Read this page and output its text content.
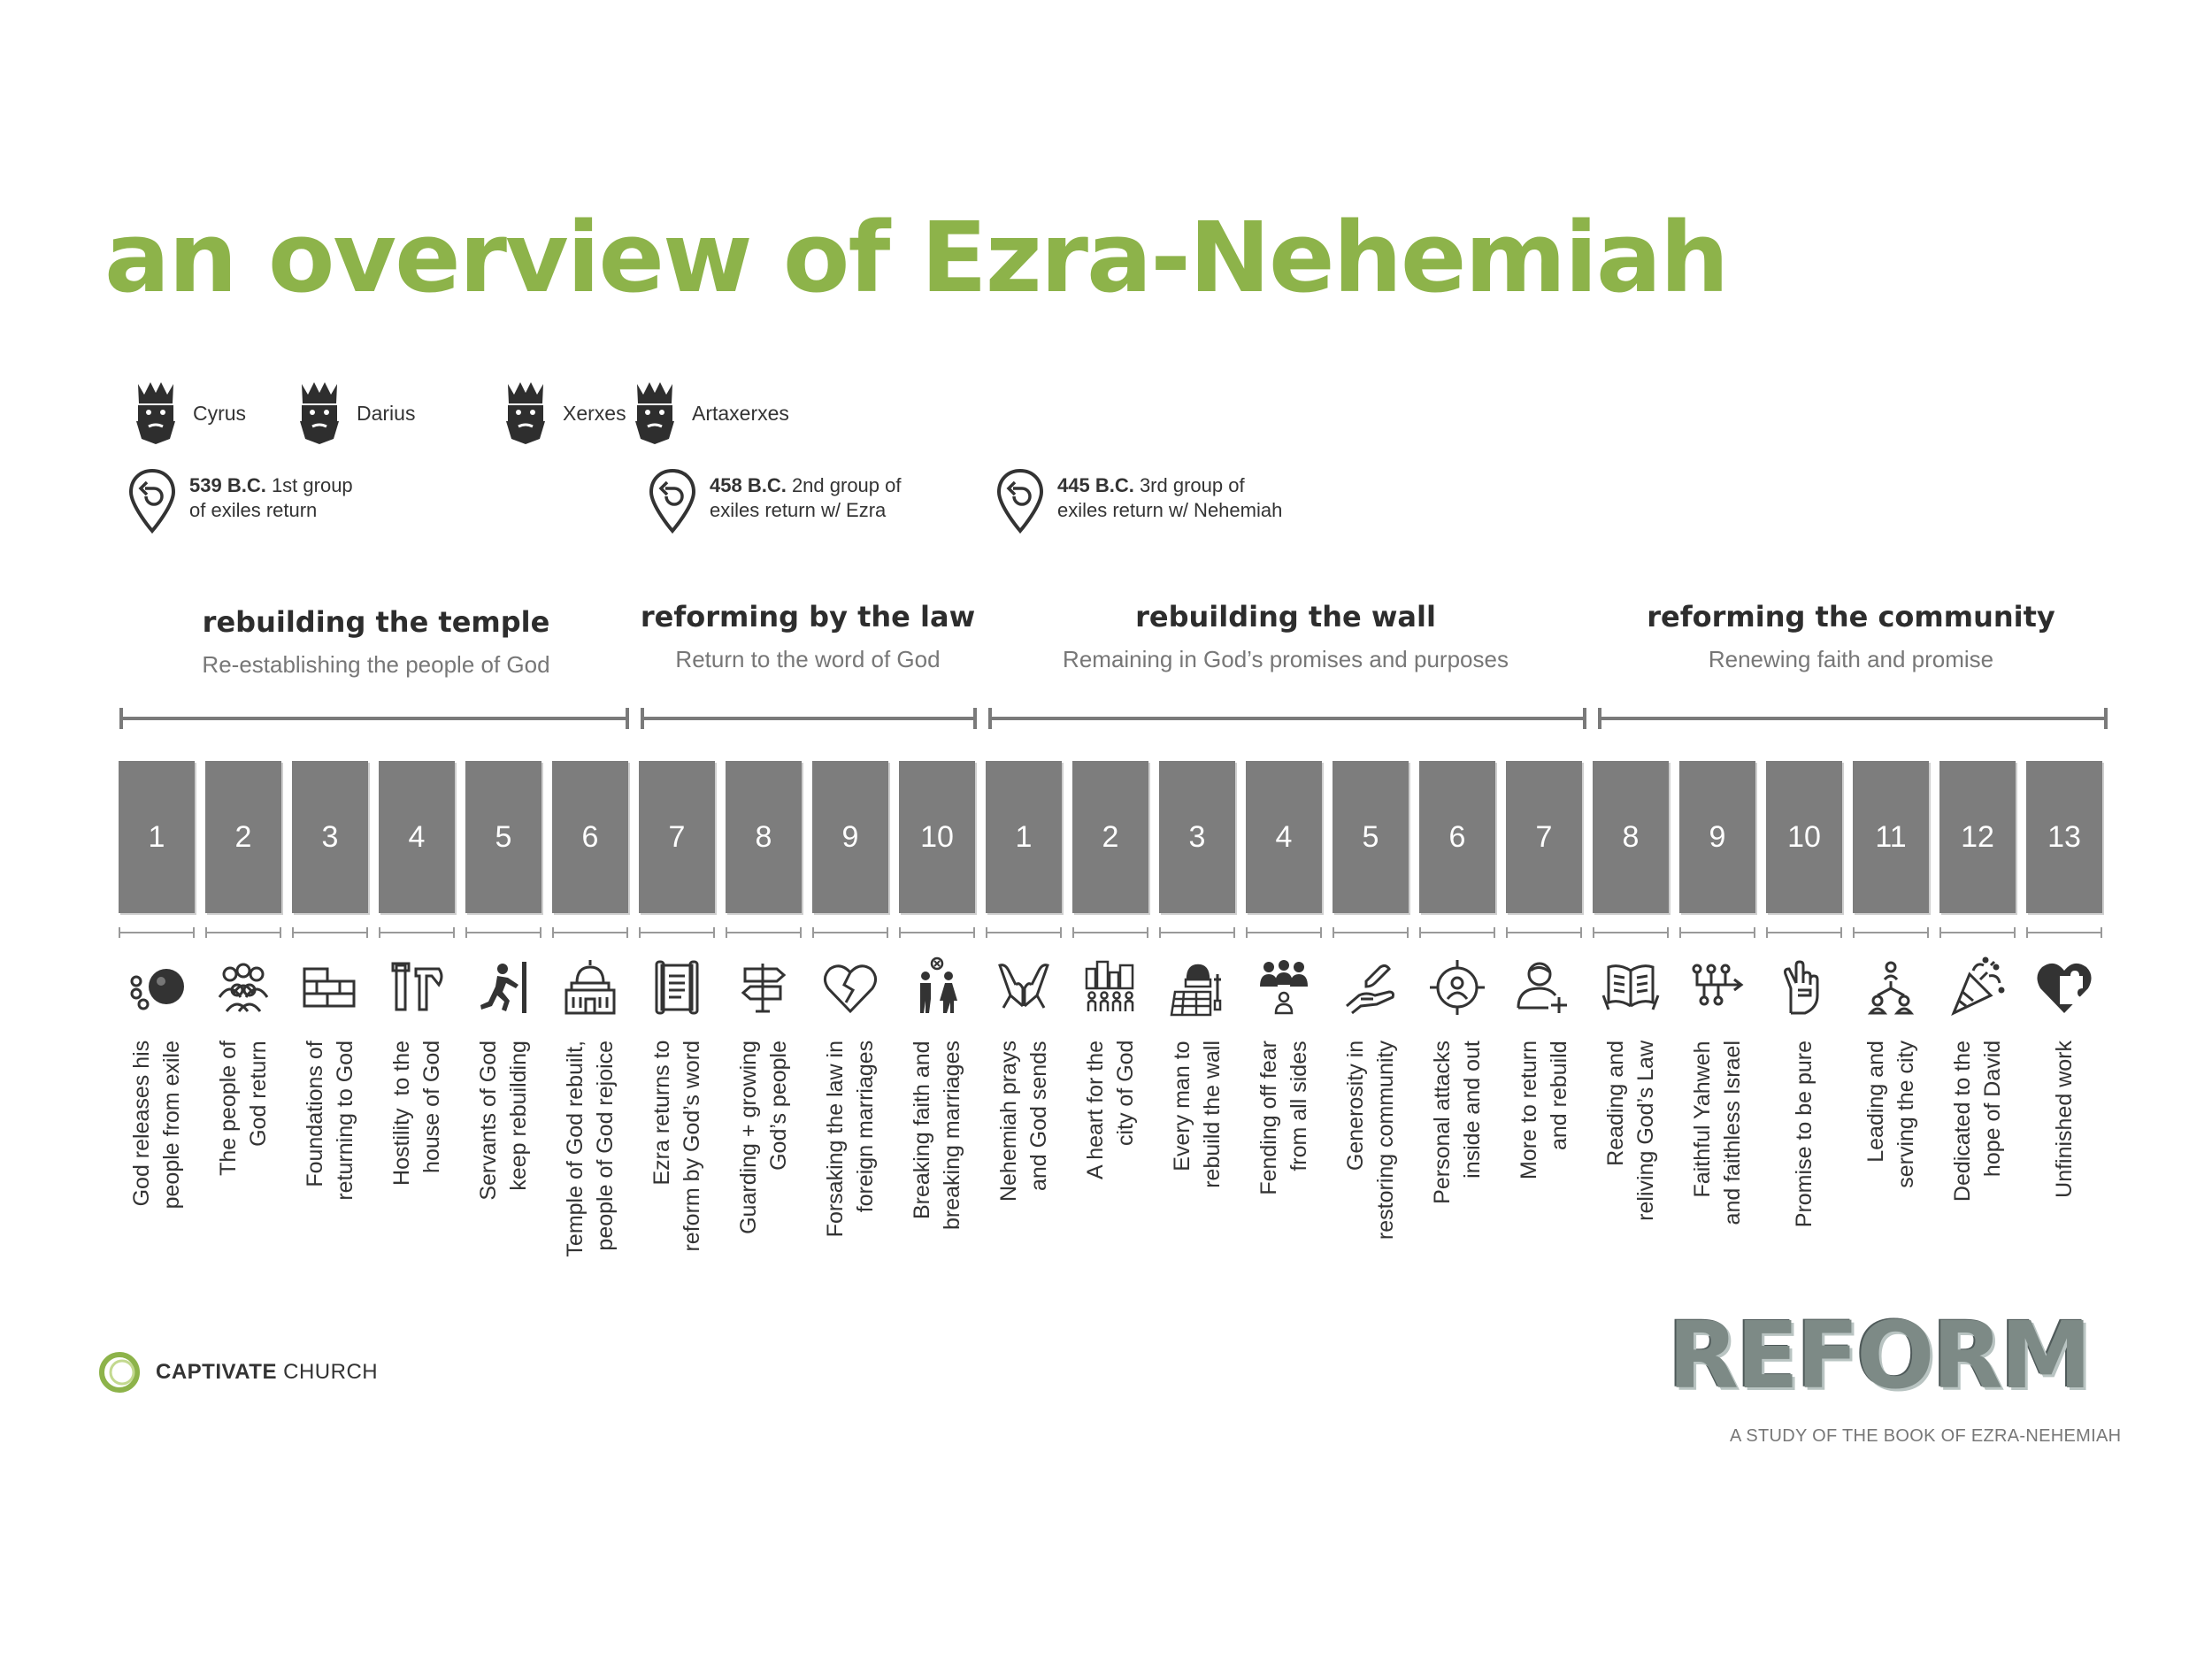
an overview of Ezra-Nehemiah
Cyrus	Darius	Xerxes	Artaxerxes
539 B.C. 1st group
of exiles return
458 B.C. 2nd group of
exiles return w/ Ezra
445 B.C. 3rd group of
exiles return w/ Nehemiah
rebuilding the temple
Re-establishing the people of God
reforming by the law
Return to the word of God
rebuilding the wall
Remaining in God’s promises and purposes
reforming the community
Renewing faith and promise
1	2	3	4	5	6	7	8	9	10	1	2	3	4	5	6	7	8	9	10	11	12	13
God releases his
people from exile
The people of
God return Foundations of
returning to God
Hostility  to the
house of God
Servants of God
keep rebuilding
Temple of God rebuilt,
people of God rejoice
Ezra returns to
reform by God’s word
Guarding + growing
God’s people
Forsaking the law in
foreign marriages
Breaking faith and
breaking marriages
Nehemiah prays
and God sends
A heart for the
city of God
Every man to
rebuild the wall
Fending off fear
from all sides Generosity in
restoring community
Personal attacks
inside and out
More to return
and rebuild
Reading and
reliving God’s Law
Faithful Yahweh
and faithless Israel Promise to be pure Leading and
serving the city
Dedicated to the
hope of David Unfinished work
CAPTIVATE CHURCH	REFORM
A STUDY OF THE BOOK OF EZRA-NEHEMIAH
